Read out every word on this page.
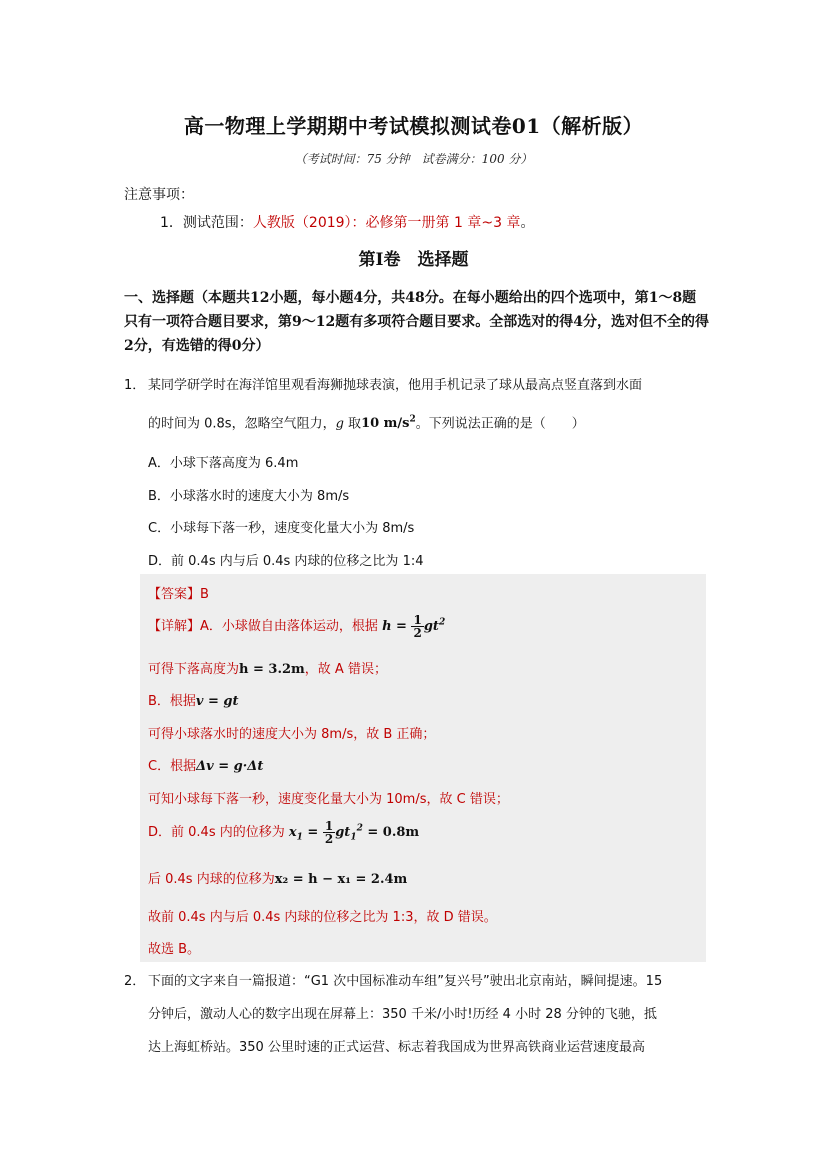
高一物理上学期期中考试模拟测试卷01（解析版）
（考试时间：75 分钟　试卷满分：100 分）
注意事项：
1．测试范围：人教版（2019）：必修第一册第 1 章~3 章。
第Ⅰ卷　选择题
一、选择题（本题共12小题，每小题4分，共48分。在每小题给出的四个选项中，第1～8题只有一项符合题目要求，第9～12题有多项符合题目要求。全部选对的得4分，选对但不全的得2分，有选错的得0分）
1． 某同学研学时在海洋馆里观看海狮抛球表演，他用手机记录了球从最高点竖直落到水面
的时间为 0.8s，忽略空气阻力，g 取10 $m/s^2$。下列说法正确的是（　　）
A．小球下落高度为 6.4m
B．小球落水时的速度大小为 8m/s
C．小球每下落一秒，速度变化量大小为 8m/s
D．前 0.4s 内与后 0.4s 内球的位移之比为 1:4
【答案】B
【详解】A．小球做自由落体运动，根据 $h = \frac{1}{2} gt^2$
可得下落高度为h = 3.2m，故 A 错误；
B．根据v = gt
可得小球落水时的速度大小为 8m/s，故 B 正确；
C．根据Δv = g·Δt
可知小球每下落一秒，速度变化量大小为 10m/s，故 C 错误；
D．前 0.4s 内的位移为 $x_1 = \frac{1}{2} gt_1^2 = 0.8m$
后 0.4s 内球的位移为x₂ = h − x₁ = 2.4m
故前 0.4s 内与后 0.4s 内球的位移之比为 1:3，故 D 错误。
故选 B。
2． 下面的文字来自一篇报道：“G1 次中国标准动车组”复兴号”驶出北京南站，瞬间提速。15
分钟后，激动人心的数字出现在屏幕上：350 千米/小时!历经 4 小时 28 分钟的飞驰，抵
达上海虹桥站。350 公里时速的正式运营、标志着我国成为世界高铁商业运营速度最高
